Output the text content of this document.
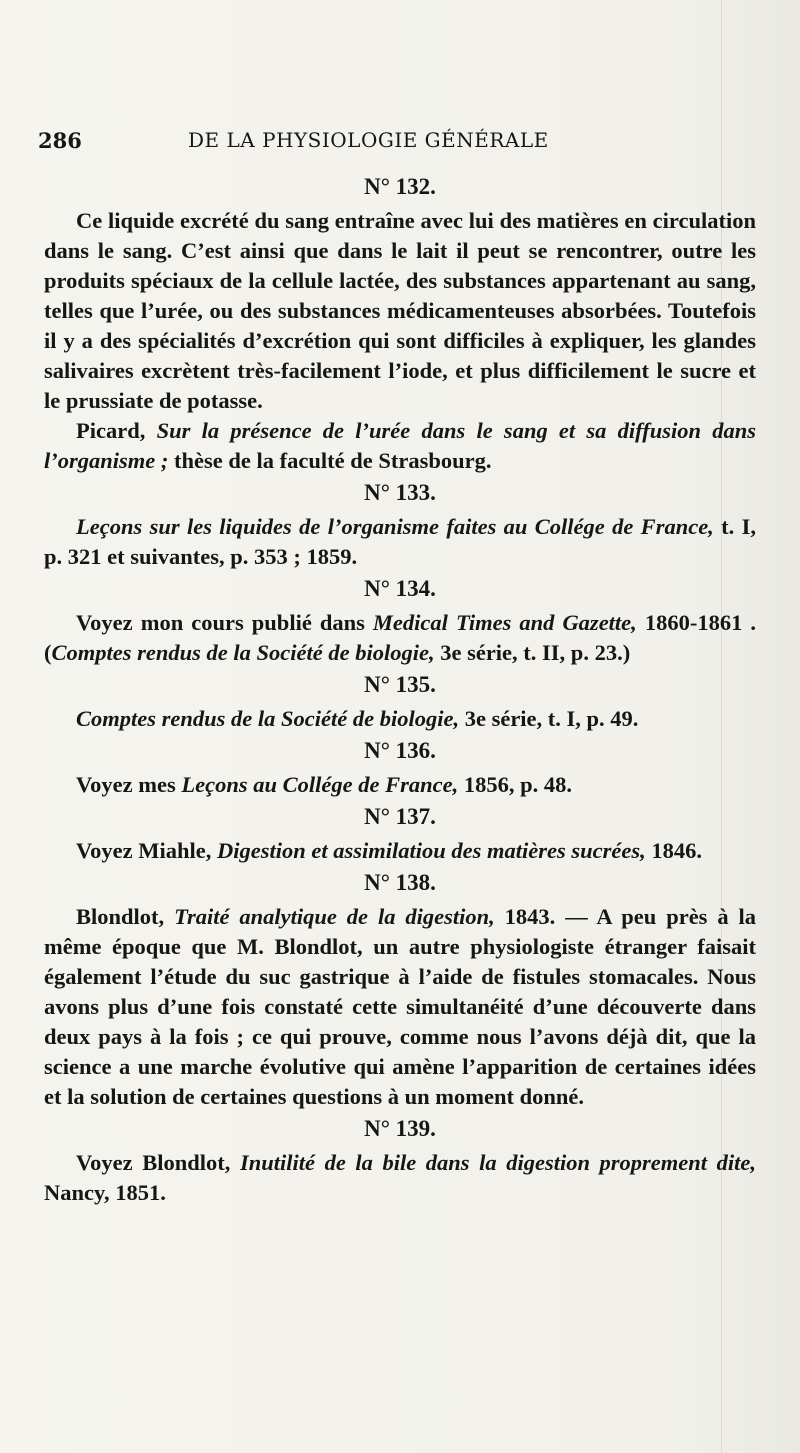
286	DE LA PHYSIOLOGIE GÉNÉRALE
N° 132.

Ce liquide excrété du sang entraîne avec lui des matières en circulation dans le sang. C’est ainsi que dans le lait il peut se rencontrer, outre les produits spéciaux de la cellule lactée, des substances appartenant au sang, telles que l’urée, ou des substances médicamenteuses absorbées. Toutefois il y a des spécialités d’excrétion qui sont difficiles à expliquer, les glandes salivaires excrètent très-facilement l’iode, et plus difficilement le sucre et le prussiate de potasse.

Picard, Sur la présence de l’urée dans le sang et sa diffusion dans l’organisme ; thèse de la faculté de Strasbourg.

N° 133.

Leçons sur les liquides de l’organisme faites au Collége de France, t. I, p. 321 et suivantes, p. 353 ; 1859.

N° 134.

Voyez mon cours publié dans Medical Times and Gazette, 1860-1861 . (Comptes rendus de la Société de biologie, 3e série, t. II, p. 23.)

N° 135.

Comptes rendus de la Société de biologie, 3e série, t. I, p. 49.

N° 136.

Voyez mes Leçons au Collége de France, 1856, p. 48.

N° 137.

Voyez Miahle, Digestion et assimilatiou des matières sucrées, 1846.

N° 138.

Blondlot, Traité analytique de la digestion, 1843. — A peu près à la même époque que M. Blondlot, un autre physiologiste étranger faisait également l’étude du suc gastrique à l’aide de fistules stomacales. Nous avons plus d’une fois constaté cette simultanéité d’une découverte dans deux pays à la fois ; ce qui prouve, comme nous l’avons déjà dit, que la science a une marche évolutive qui amène l’apparition de certaines idées et la solution de certaines questions à un moment donné.

N° 139.

Voyez Blondlot, Inutilité de la bile dans la digestion proprement dite, Nancy, 1851.
